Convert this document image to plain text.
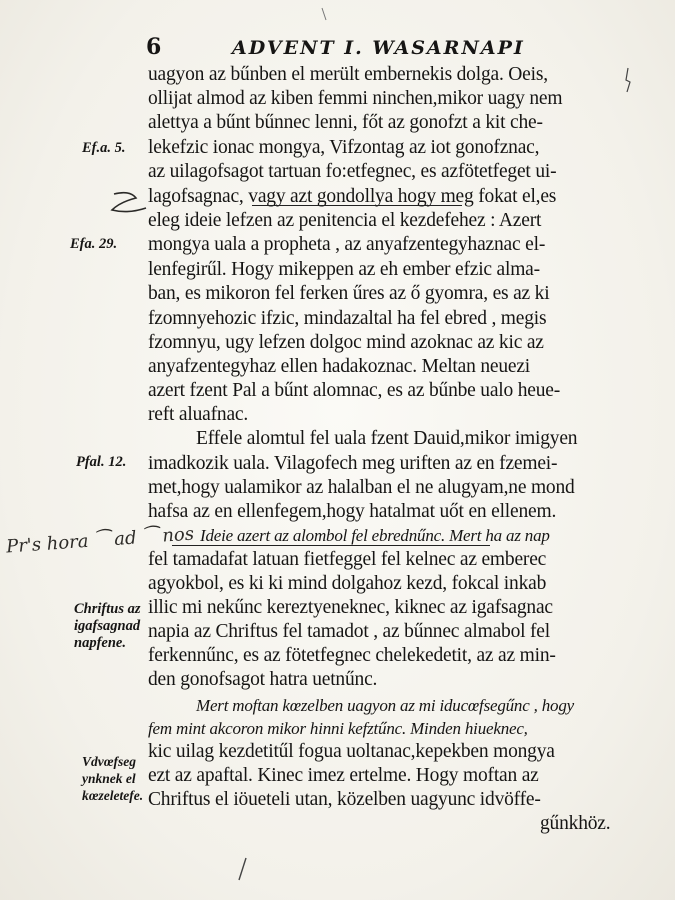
6	ADVENT I. WASARNAPI
uagyon az bűnben el merült embernekis dolga. Oeis,
ollijat almod az kiben femmi ninchen,mikor uagy nem
alettya a bűnt bűnnec lenni, főt az gonofzt a kit che-
lekefzic ionac mongya, Vifzontag az iot gonofznac,
az uilagofsagot tartuan fo:etfegnec, es azfötetfeget ui-
lagofsagnac, vagy azt gondollya hogy meg fokat el,es
eleg ideie lefzen az penitencia el kezdefehez : Azert
mongya uala a propheta , az anyafzentegyhaznac el-
lenfegirűl. Hogy mikeppen az eh ember efzic alma-
ban, es mikoron fel ferken űres az ő gyomra, es az ki
fzomnyehozic ifzic, mindazaltal ha fel ebred , megis
fzomnyu, ugy lefzen dolgoc mind azoknac az kic az
anyafzentegyhaz ellen hadakoznac. Meltan neuezi
azert fzent Pal a bűnt alomnac, es az bűnbe ualo heue-
reft aluafnac.
Effele alomtul fel uala fzent Dauid,mikor imigyen
imadkozik uala. Vilagofech meg uriften az en fzemei-
met,hogy ualamikor az halalban el ne alugyam,ne mond
hafsa az en ellenfegem,hogy hatalmat uőt en ellenem.
Ideie azert az alombol fel ebrednűnc. Mert ha az nap
fel tamadafat latuan fietfeggel fel kelnec az emberec
agyokbol, es ki ki mind dolgahoz kezd, fokcal inkab
illic mi nekűnc kereztyeneknec, kiknec az igafsagnac
napia az Chriftus fel tamadot , az bűnnec almabol fel
ferkennűnc, es az fötetfegnec chelekedetit, az az min-
den gonofsagot hatra uetnűnc.
Mert moftan kœzelben uagyon az mi iducœfsegűnc , hogy
fem mint akcoron mikor hinni kefztűnc. Minden hiueknec,
kic uilag kezdetitűl fogua uoltanac,kepekben mongya
ezt az apaftal. Kinec imez ertelme. Hogy moftan az
Chriftus el iöueteli utan, közelben uagyunc idvöffe-
gűnkhöz.
Ef.a. 5.
Efa. 29.
Pfal. 12.
Chriftus az
igafsagnad
napfene.
Vdvœfseg
ynknek el
kœzeletefe.
Pr's hora ⁀ ad ⁀ nos
